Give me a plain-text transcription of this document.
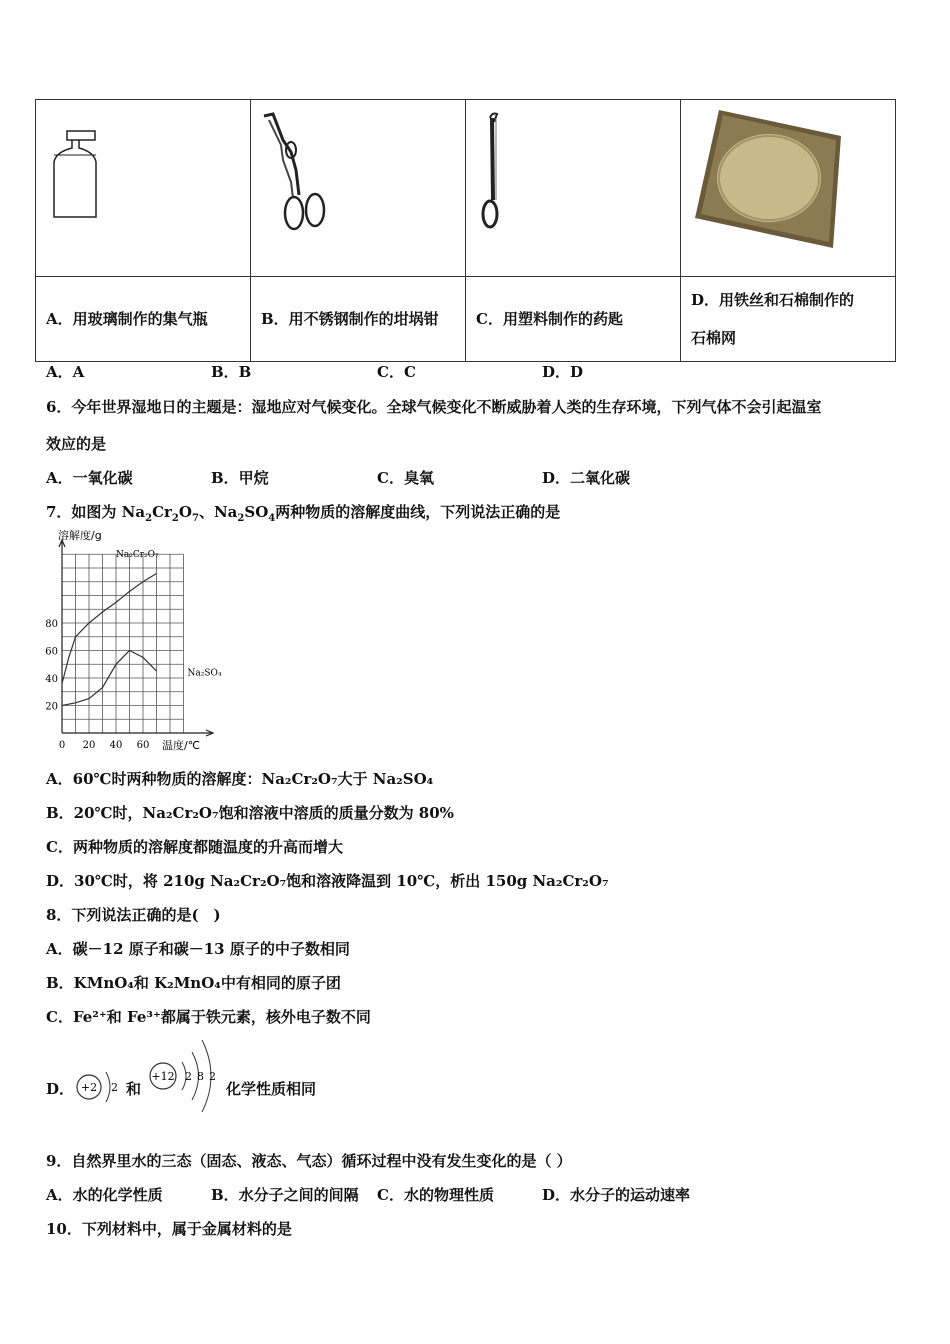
A．用玻璃制作的集气瓶	B．用不锈钢制作的坩埚钳	C．用塑料制作的药匙	D．用铁丝和石棉制作的
石棉网
A．A	B．B	C．C	D．D
6．今年世界湿地日的主题是：湿地应对气候变化。全球气候变化不断威胁着人类的生存环境，下列气体不会引起温室
效应的是
A．一氧化碳	B．甲烷	C．臭氧	D．二氧化碳
7．如图为 $Na_2Cr_2O_7$、$Na_2SO_4$两种物质的溶解度曲线，下列说法正确的是
0 20 40 60
20
40
60
80
溶解度/g
温度/℃
Na₂Cr₂O₇
Na₂SO₄
A．60℃时两种物质的溶解度：Na₂Cr₂O₇大于 Na₂SO₄
B．20℃时，Na₂Cr₂O₇饱和溶液中溶质的质量分数为 80%
C．两种物质的溶解度都随温度的升高而增大
D．30℃时，将 210g Na₂Cr₂O₇饱和溶液降温到 10℃，析出 150g Na₂Cr₂O₇
8．下列说法正确的是(　)
A．碳－12 原子和碳－13 原子的中子数相同
B．KMnO₄和 K₂MnO₄中有相同的原子团
C．Fe²⁺和 Fe³⁺都属于铁元素，核外电子数不同
D． +2 2 和
+12 2 8 2
化学性质相同
9．自然界里水的三态（固态、液态、气态）循环过程中没有发生变化的是（ ）
A．水的化学性质	B．水分子之间的间隔 C．水的物理性质	D．水分子的运动速率
10．下列材料中，属于金属材料的是
